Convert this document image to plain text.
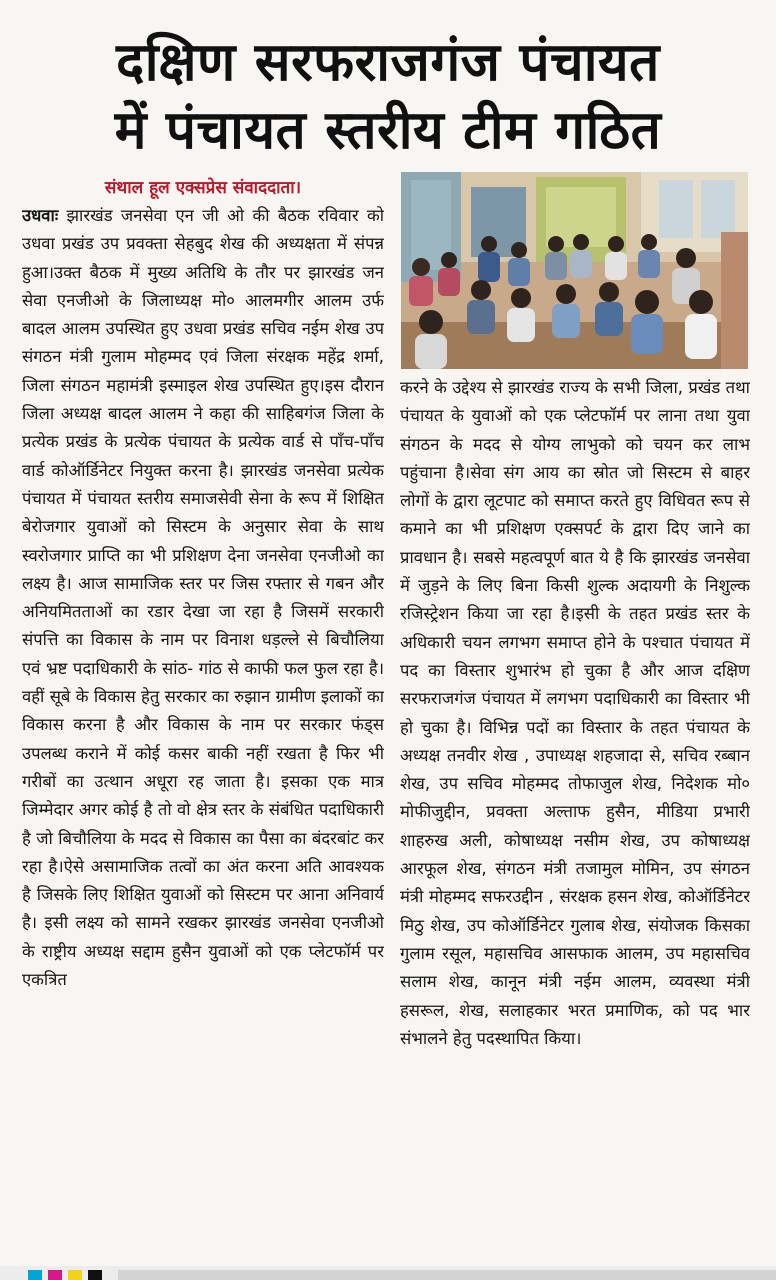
दक्षिण सरफराजगंज पंचायत
में पंचायत स्तरीय टीम गठित
संथाल हूल एक्सप्रेस संवाददाता।

उधवाः झारखंड जनसेवा एन जी ओ की बैठक रविवार को उधवा प्रखंड उप प्रवक्ता सेहबुद शेख की अध्यक्षता में संपन्न हुआ।उक्त बैठक में मुख्य अतिथि के तौर पर झारखंड जन सेवा एनजीओ के जिलाध्यक्ष मो० आलमगीर आलम उर्फ बादल आलम उपस्थित हुए उधवा प्रखंड सचिव नईम शेख उप संगठन मंत्री गुलाम मोहम्मद एवं जिला संरक्षक महेंद्र शर्मा, जिला संगठन महामंत्री इस्माइल शेख उपस्थित हुए।इस दौरान जिला अध्यक्ष बादल आलम ने कहा की साहिबगंज जिला के प्रत्येक प्रखंड के प्रत्येक पंचायत के प्रत्येक वार्ड से पाँच-पाँच वार्ड कोऑर्डिनेटर नियुक्त करना है। झारखंड जनसेवा प्रत्येक पंचायत में पंचायत स्तरीय समाजसेवी सेना के रूप में शिक्षित बेरोजगार युवाओं को सिस्टम के अनुसार सेवा के साथ स्वरोजगार प्राप्ति का भी प्रशिक्षण देना जनसेवा एनजीओ का लक्ष्य है। आज सामाजिक स्तर पर जिस रफ्तार से गबन और अनियमितताओं का रडार देखा जा रहा है जिसमें सरकारी संपत्ति का विकास के नाम पर विनाश धड़ल्ले से बिचौलिया एवं भ्रष्ट पदाधिकारी के सांठ- गांठ से काफी फल फुल रहा है।वहीं सूबे के विकास हेतु सरकार का रुझान ग्रामीण इलाकों का विकास करना है और विकास के नाम पर सरकार फंड्स उपलब्ध कराने में कोई कसर बाकी नहीं रखता है फिर भी गरीबों का उत्थान अधूरा रह जाता है। इसका एक मात्र जिम्मेदार अगर कोई है तो वो क्षेत्र स्तर के संबंधित पदाधिकारी है जो बिचौलिया के मदद से विकास का पैसा का बंदरबांट कर रहा है।ऐसे असामाजिक तत्वों का अंत करना अति आवश्यक है जिसके लिए शिक्षित युवाओं को सिस्टम पर आना अनिवार्य है। इसी लक्ष्य को सामने रखकर झारखंड जनसेवा एनजीओ के राष्ट्रीय अध्यक्ष सद्दाम हुसैन युवाओं को एक प्लेटफॉर्म पर एकत्रित

करने के उद्देश्य से झारखंड राज्य के सभी जिला, प्रखंड तथा पंचायत के युवाओं को एक प्लेटफॉर्म पर लाना तथा युवा संगठन के मदद से योग्य लाभुको को चयन कर लाभ पहुंचाना है।सेवा संग आय का स्रोत जो सिस्टम से बाहर लोगों के द्वारा लूटपाट को समाप्त करते हुए विधिवत रूप से कमाने का भी प्रशिक्षण एक्सपर्ट के द्वारा दिए जाने का प्रावधान है। सबसे महत्वपूर्ण बात ये है कि झारखंड जनसेवा में जुड़ने के लिए बिना किसी शुल्क अदायगी के निशुल्क रजिस्ट्रेशन किया जा रहा है।इसी के तहत प्रखंड स्तर के अधिकारी चयन लगभग समाप्त होने के पश्चात पंचायत में पद का विस्तार शुभारंभ हो चुका है और आज दक्षिण सरफराजगंज पंचायत में लगभग पदाधिकारी का विस्तार भी हो चुका है। विभिन्न पदों का विस्तार के तहत पंचायत के अध्यक्ष तनवीर शेख , उपाध्यक्ष शहजादा से, सचिव रब्बान शेख, उप सचिव मोहम्मद तोफाजुल शेख, निदेशक मो० मोफीजुद्दीन, प्रवक्ता अल्ताफ हुसैन, मीडिया प्रभारी शाहरुख अली, कोषाध्यक्ष नसीम शेख, उप कोषाध्यक्ष आरफूल शेख, संगठन मंत्री तजामुल मोमिन, उप संगठन मंत्री मोहम्मद सफरउद्दीन , संरक्षक हसन शेख, कोऑर्डिनेटर मिठु शेख, उप कोऑर्डिनेटर गुलाब शेख, संयोजक किसका गुलाम रसूल, महासचिव आसफाक आलम, उप महासचिव सलाम शेख, कानून मंत्री नईम आलम, व्यवस्था मंत्री हसरूल, शेख, सलाहकार भरत प्रमाणिक, को पद भार संभालने हेतु पदस्थापित किया।
